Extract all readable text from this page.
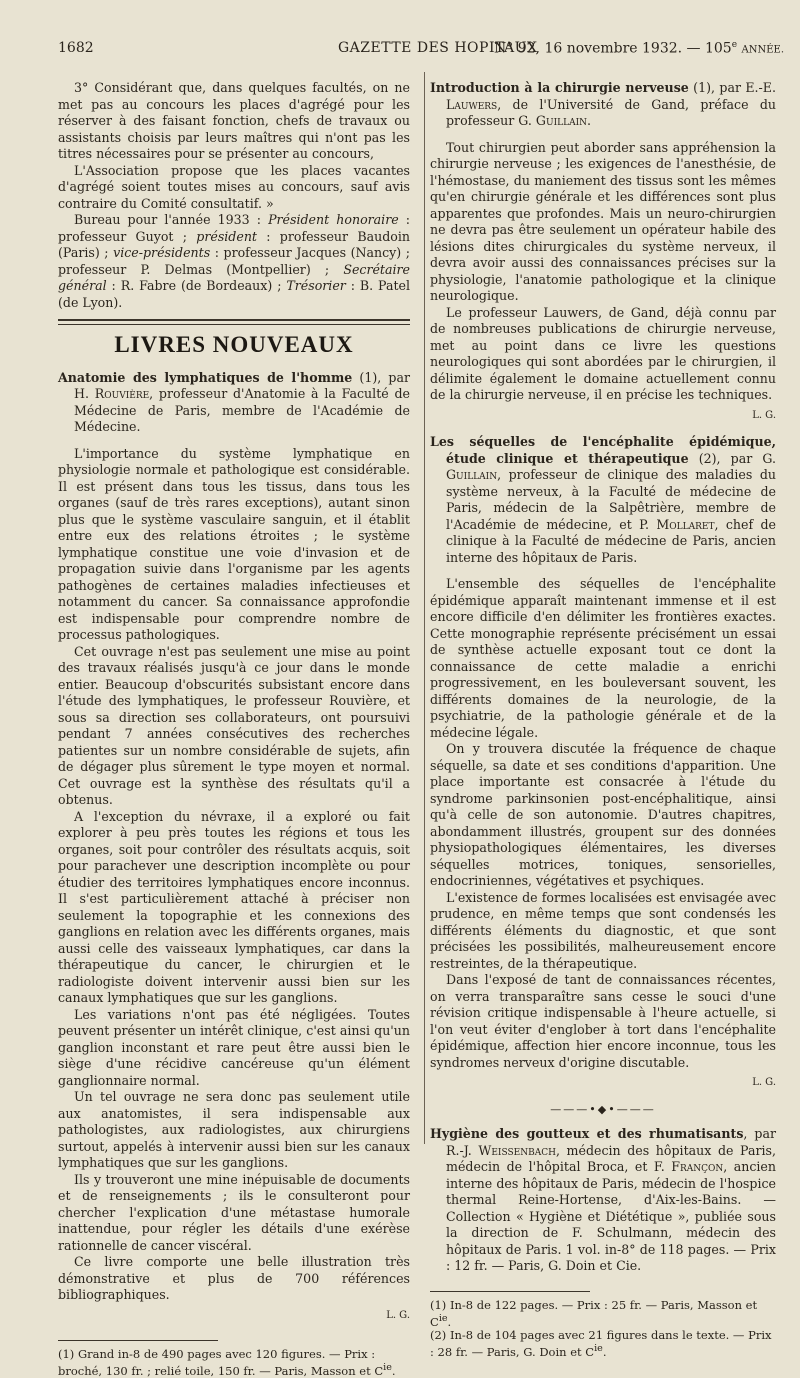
1682	GAZETTE DES HOPITAUX
N° 92, 16 novembre 1932. — 105e ANNÉE.

3° Considérant que, dans quelques facultés, on ne met pas au concours les places d'agrégé pour les réserver à des faisant fonction, chefs de travaux ou assistants choisis par leurs maîtres qui n'ont pas les titres nécessaires pour se présenter au concours,

L'Association propose que les places vacantes d'agrégé soient toutes mises au concours, sauf avis contraire du Comité consultatif. »

Bureau pour l'année 1933 : Président honoraire : professeur Guyot ; président : professeur Baudoin (Paris) ; vice-présidents : professeur Jacques (Nancy) ; professeur P. Delmas (Montpellier) ; Secrétaire général : R. Fabre (de Bordeaux) ; Trésorier : B. Patel (de Lyon).

LIVRES NOUVEAUX

Anatomie des lymphatiques de l'homme (1), par H. Rouvière, professeur d'Anatomie à la Faculté de Médecine de Paris, membre de l'Académie de Médecine.

L'importance du système lymphatique en physiologie normale et pathologique est considérable. Il est présent dans tous les tissus, dans tous les organes (sauf de très rares exceptions), autant sinon plus que le système vasculaire sanguin, et il établit entre eux des relations étroites ; le système lymphatique constitue une voie d'invasion et de propagation suivie dans l'organisme par les agents pathogènes de certaines maladies infectieuses et notamment du cancer. Sa connaissance approfondie est indispensable pour comprendre nombre de processus pathologiques.

Cet ouvrage n'est pas seulement une mise au point des travaux réalisés jusqu'à ce jour dans le monde entier. Beaucoup d'obscurités subsistant encore dans l'étude des lymphatiques, le professeur Rouvière, et sous sa direction ses collaborateurs, ont poursuivi pendant 7 années consécutives des recherches patientes sur un nombre considérable de sujets, afin de dégager plus sûrement le type moyen et normal. Cet ouvrage est la synthèse des résultats qu'il a obtenus.

A l'exception du névraxe, il a exploré ou fait explorer à peu près toutes les régions et tous les organes, soit pour contrôler des résultats acquis, soit pour parachever une description incomplète ou pour étudier des territoires lymphatiques encore inconnus. Il s'est particulièrement attaché à préciser non seulement la topographie et les connexions des ganglions en relation avec les différents organes, mais aussi celle des vaisseaux lymphatiques, car dans la thérapeutique du cancer, le chirurgien et le radiologiste doivent intervenir aussi bien sur les canaux lymphatiques que sur les ganglions.

Les variations n'ont pas été négligées. Toutes peuvent présenter un intérêt clinique, c'est ainsi qu'un ganglion inconstant et rare peut être aussi bien le siège d'une récidive cancéreuse qu'un élément ganglionnaire normal.

Un tel ouvrage ne sera donc pas seulement utile aux anatomistes, il sera indispensable aux pathologistes, aux radiologistes, aux chirurgiens surtout, appelés à intervenir aussi bien sur les canaux lymphatiques que sur les ganglions.

Ils y trouveront une mine inépuisable de documents et de renseignements ; ils le consulteront pour chercher l'explication d'une métastase humorale inattendue, pour régler les détails d'une exérèse rationnelle de cancer viscéral.

Ce livre comporte une belle illustration très démonstrative et plus de 700 références bibliographiques.

L. G.

(1) Grand in-8 de 490 pages avec 120 figures. — Prix : broché, 130 fr. ; relié toile, 150 fr. — Paris, Masson et $C^{ie}$.

Introduction à la chirurgie nerveuse (1), par E.-E. Lauwers, de l'Université de Gand, préface du professeur G. Guillain.

Tout chirurgien peut aborder sans appréhension la chirurgie nerveuse ; les exigences de l'anesthésie, de l'hémostase, du maniement des tissus sont les mêmes qu'en chirurgie générale et les différences sont plus apparentes que profondes. Mais un neuro-chirurgien ne devra pas être seulement un opérateur habile des lésions dites chirurgicales du système nerveux, il devra avoir aussi des connaissances précises sur la physiologie, l'anatomie pathologique et la clinique neurologique.

Le professeur Lauwers, de Gand, déjà connu par de nombreuses publications de chirurgie nerveuse, met au point dans ce livre les questions neurologiques qui sont abordées par le chirurgien, il délimite également le domaine actuellement connu de la chirurgie nerveuse, il en précise les techniques.

L. G.

Les séquelles de l'encéphalite épidémique, étude clinique et thérapeutique (2), par G. Guillain, professeur de clinique des maladies du système nerveux, à la Faculté de médecine de Paris, médecin de la Salpêtrière, membre de l'Académie de médecine, et P. Mollaret, chef de clinique à la Faculté de médecine de Paris, ancien interne des hôpitaux de Paris.

L'ensemble des séquelles de l'encéphalite épidémique apparaît maintenant immense et il est encore difficile d'en délimiter les frontières exactes. Cette monographie représente précisément un essai de synthèse actuelle exposant tout ce dont la connaissance de cette maladie a enrichi progressivement, en les bouleversant souvent, les différents domaines de la neurologie, de la psychiatrie, de la pathologie générale et de la médecine légale.

On y trouvera discutée la fréquence de chaque séquelle, sa date et ses conditions d'apparition. Une place importante est consacrée à l'étude du syndrome parkinsonien post-encéphalitique, ainsi qu'à celle de son autonomie. D'autres chapitres, abondamment illustrés, groupent sur des données physiopathologiques élémentaires, les diverses séquelles motrices, toniques, sensorielles, endocriniennes, végétatives et psychiques.

L'existence de formes localisées est envisagée avec prudence, en même temps que sont condensés les différents éléments du diagnostic, et que sont précisées les possibilités, malheureusement encore restreintes, de la thérapeutique.

Dans l'exposé de tant de connaissances récentes, on verra transparaître sans cesse le souci d'une révision critique indispensable à l'heure actuelle, si l'on veut éviter d'englober à tort dans l'encéphalite épidémique, affection hier encore inconnue, tous les syndromes nerveux d'origine discutable.

L. G.
———•◆•———

Hygiène des goutteux et des rhumatisants, par R.-J. Weissenbach, médecin des hôpitaux de Paris, médecin de l'hôpital Broca, et F. Françon, ancien interne des hôpitaux de Paris, médecin de l'hospice thermal Reine-Hortense, d'Aix-les-Bains. — Collection « Hygiène et Diététique », publiée sous la direction de F. Schulmann, médecin des hôpitaux de Paris. 1 vol. in-8° de 118 pages. — Prix : 12 fr. — Paris, G. Doin et Cie.

(1) In-8 de 122 pages. — Prix : 25 fr. — Paris, Masson et $C^{ie}$.

(2) In-8 de 104 pages avec 21 figures dans le texte. — Prix : 28 fr. — Paris, G. Doin et $C^{ie}$.
